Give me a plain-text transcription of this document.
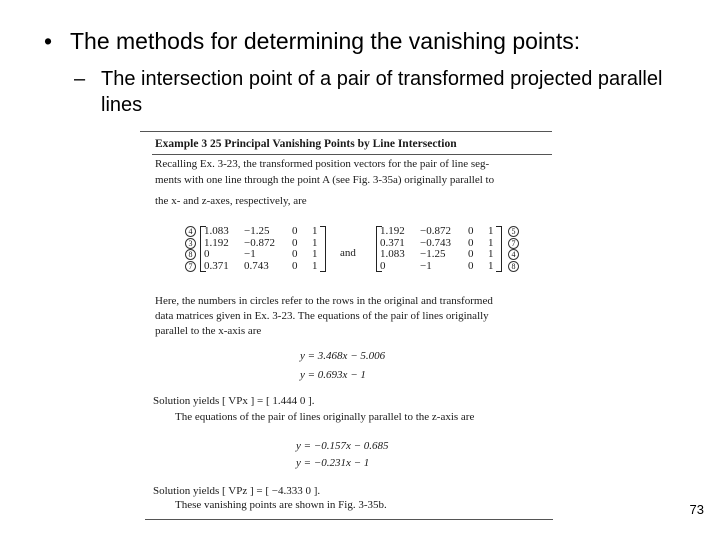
• The methods for determining the vanishing points:
– The intersection point of a pair of transformed projected parallel lines
Example 3 25 Principal Vanishing Points by Line Intersection
Recalling Ex. 3-23, the transformed position vectors for the pair of line seg-
ments with one line through the point A (see Fig. 3-35a) originally parallel to
the x- and z-axes, respectively, are
4
3
8
7
1.083	−1.25	0	1
1.192	−0.872	0	1
0	−1	0	1
0.371	0.743	0	1
and
1.192	−0.872	0	1
0.371	−0.743	0	1
1.083	−1.25	0	1
0	−1	0	1
5
7
4
8
Here, the numbers in circles refer to the rows in the original and transformed
data matrices given in Ex. 3-23. The equations of the pair of lines originally
parallel to the x-axis are
y = 3.468x − 5.006
y = 0.693x − 1
Solution yields [ VPx ] = [ 1.444 0 ].
The equations of the pair of lines originally parallel to the z-axis are
y = −0.157x − 0.685
y = −0.231x − 1
Solution yields [ VPz ] = [ −4.333 0 ].
These vanishing points are shown in Fig. 3-35b.	73
